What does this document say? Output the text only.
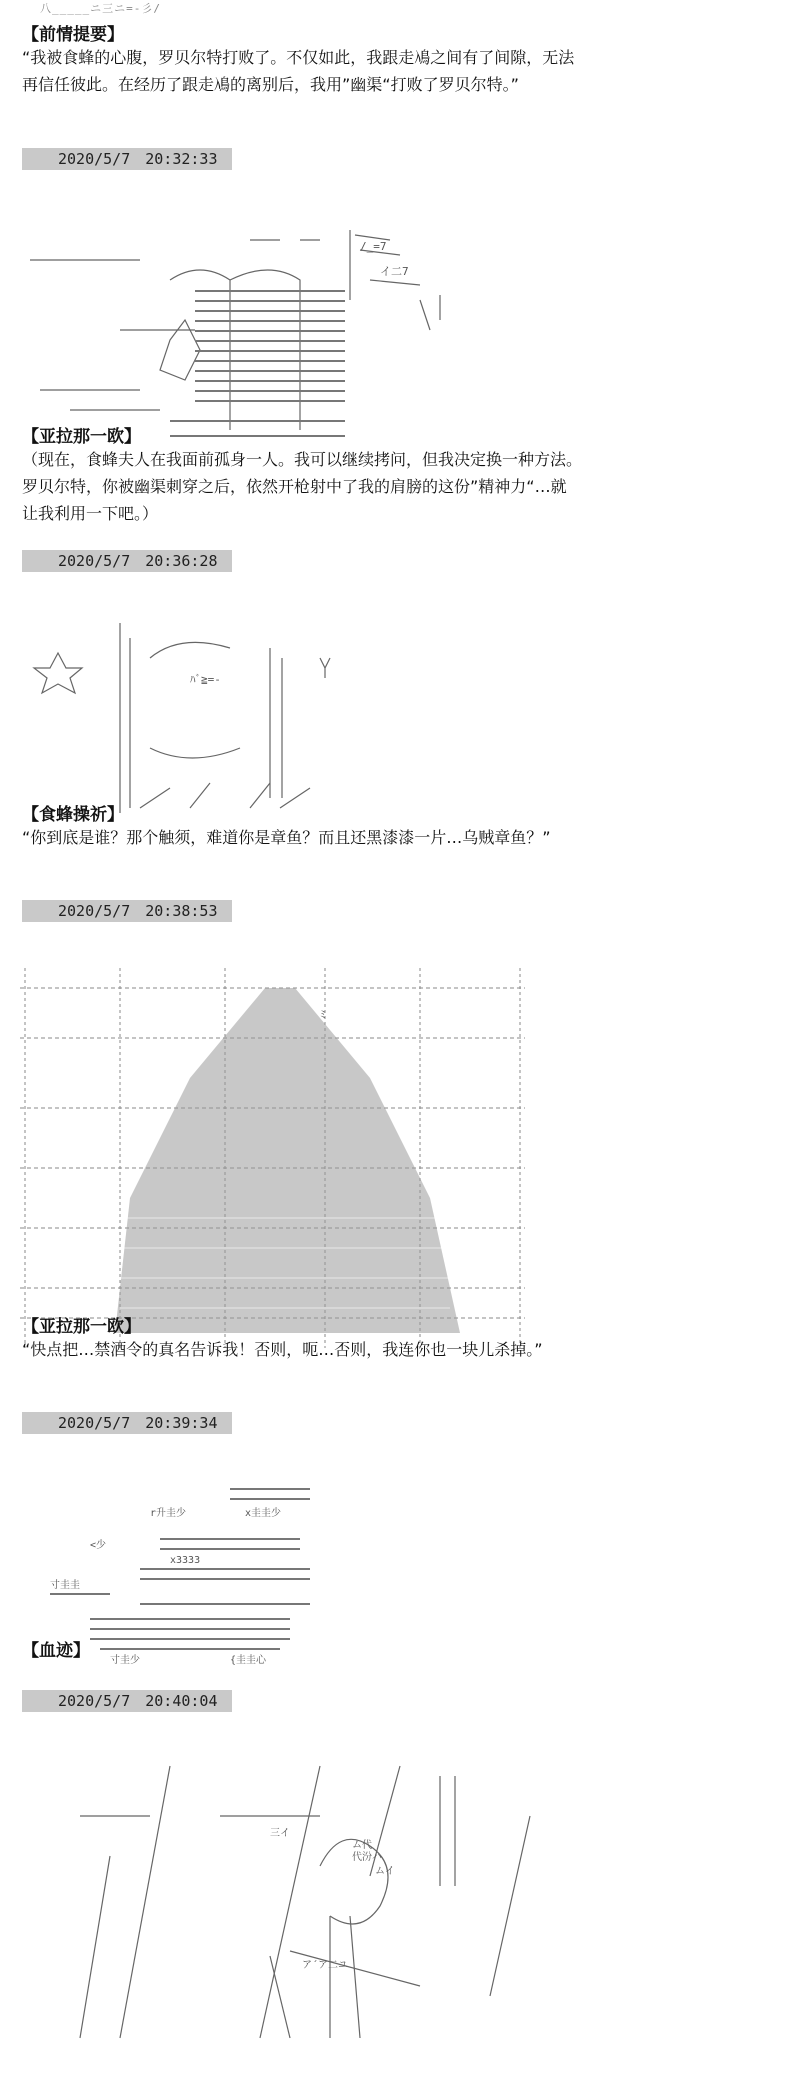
八_____ニ三ニ=-彡/
【前情提要】
“我被食蜂的心腹，罗贝尔特打败了。不仅如此，我跟走鳰之间有了间隙，无法再信任彼此。在经历了跟走鳰的离别后，我用”幽渠“打败了罗贝尔特。”
2020/5/7　20:32:33

/_=7
イ二7

【亚拉那一欧】
（现在，食蜂夫人在我面前孤身一人。我可以继续拷问，但我决定换一种方法。罗贝尔特，你被幽渠刺穿之后，依然开枪射中了我的肩膀的这份”精神力“…就让我利用一下吧。）
2020/5/7　20:36:28

ﾊﾞ≧=-

【食蜂操祈】
“你到底是谁？那个触须，难道你是章鱼？而且还黑漆漆一片…乌贼章鱼？”
2020/5/7　20:38:53

ﾐ

【亚拉那一欧】
“快点把…禁酒令的真名告诉我！否则，呃…否则，我连你也一块儿杀掉。”
2020/5/7　20:39:34

r升圭少	x圭圭少
<少
x3333
寸圭圭
寸圭少	{圭圭心

【血迹】
2020/5/7　20:40:04

ム代
代汾ハ
ムイ
ア´ア二ユ
三イ
